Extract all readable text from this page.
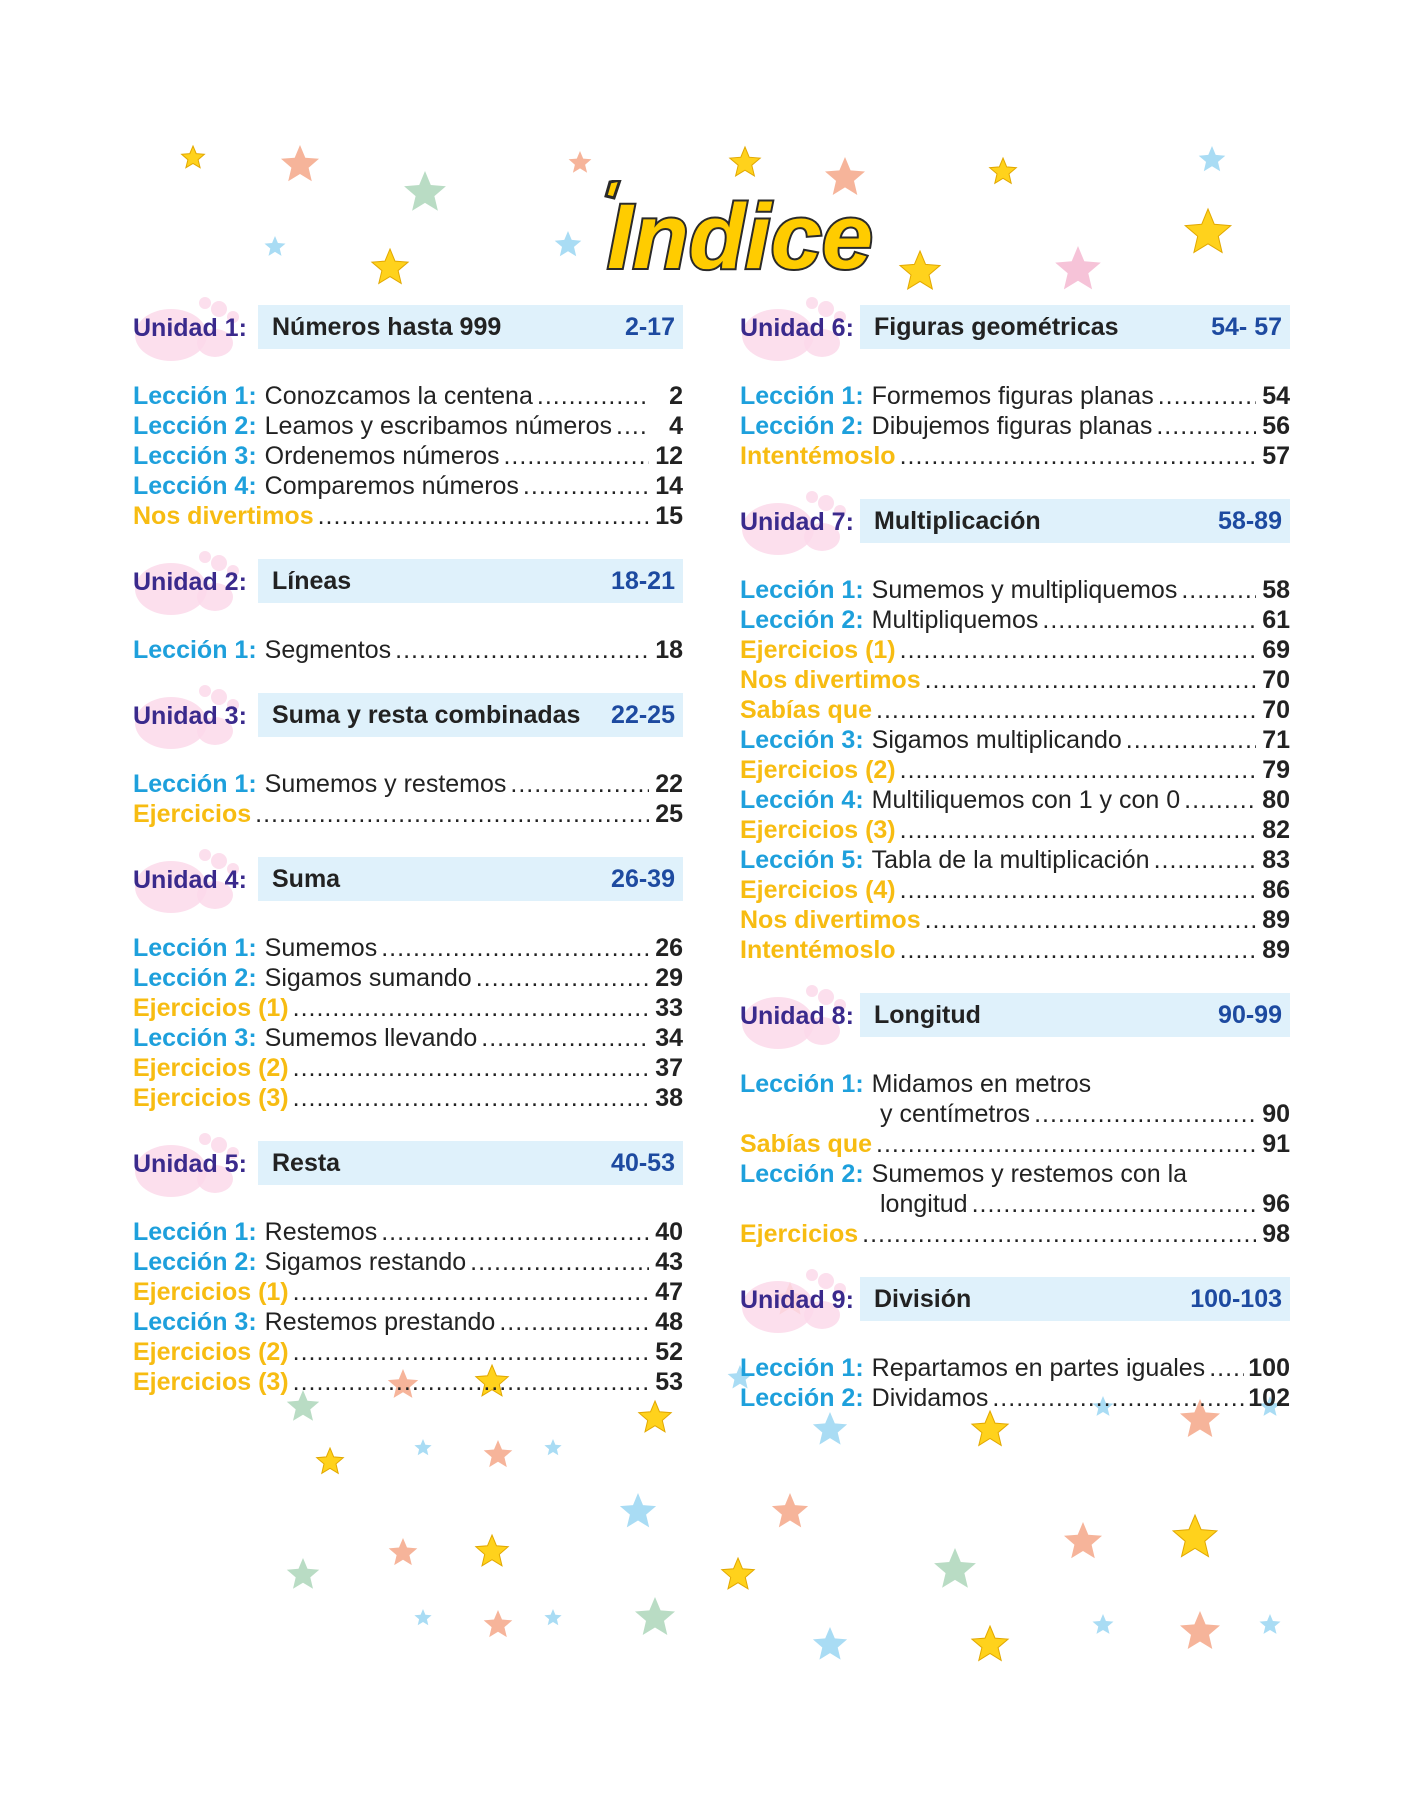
Indice
Unidad 1: Números hasta 999	2-17
Lección 1: Conozcamos la centena .....	2
Lección 2: Leamos y escribamos números .....	4
Lección 3: Ordenemos números .....	12
Lección 4: Comparemos números .....	14
Nos divertimos .....	15
Unidad 2: Líneas	18-21
Lección 1: Segmentos .....	18
Unidad 3: Suma y resta combinadas 22-25
Lección 1: Sumemos y restemos .....	22
Ejercicios .....	25
Unidad 4: Suma	26-39
Lección 1: Sumemos .....	26
Lección 2: Sigamos sumando .....	29
Ejercicios (1) .....	33
Lección 3: Sumemos llevando .....	34
Ejercicios (2) .....	37
Ejercicios (3) .....	38
Unidad 5: Resta	40-53
Lección 1: Restemos .....	40
Lección 2: Sigamos restando .....	43
Ejercicios (1) .....	47
Lección 3: Restemos prestando .....	48
Ejercicios (2) .....	52
Ejercicios (3) .....	53
Unidad 6: Figuras geométricas	54- 57
Lección 1: Formemos figuras planas .....	54
Lección 2: Dibujemos figuras planas .....	56
Intentémoslo .....	57
Unidad 7: Multiplicación	58-89
Lección 1: Sumemos y multipliquemos .....	58
Lección 2: Multipliquemos .....	61
Ejercicios (1) .....	69
Nos divertimos .....	70
Sabías que .....	70
Lección 3: Sigamos multiplicando .....	71
Ejercicios (2) .....	79
Lección 4: Multiliquemos con 1 y con 0 .....	80
Ejercicios (3) .....	82
Lección 5: Tabla de la multiplicación .....	83
Ejercicios (4) .....	86
Nos divertimos .....	89
Intentémoslo .....	89
Unidad 8: Longitud	90-99
Lección 1: Midamos en metros
y centímetros .....	90
Sabías que .....	91
Lección 2: Sumemos y restemos con la
longitud .....	96
Ejercicios .....	98
Unidad 9: División	100-103
Lección 1: Repartamos en partes iguales ..... 100
Lección 2: Dividamos .....	102
